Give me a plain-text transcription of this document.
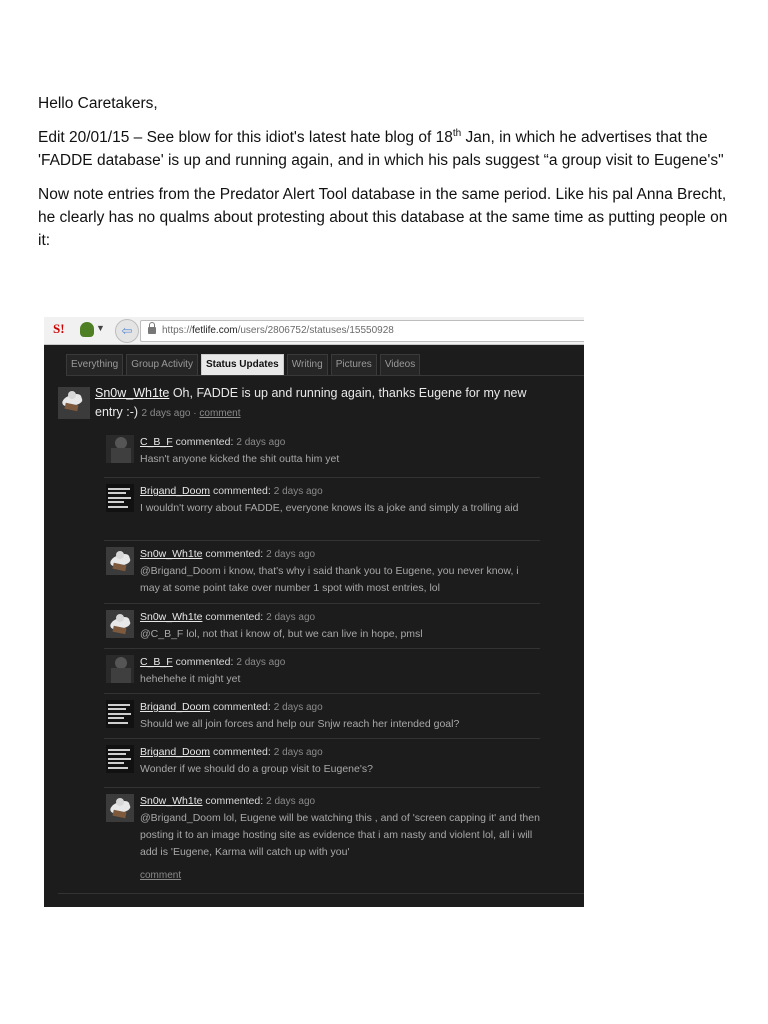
Hello Caretakers,

Edit 20/01/15 – See blow for this idiot's latest hate blog of 18th Jan, in which he advertises that the 'FADDE database' is up and running again, and in which his pals suggest “a group visit to Eugene's"

Now note entries from the Predator Alert Tool database in the same period. Like his pal Anna Brecht, he clearly has no qualms about protesting about this database at the same time as putting people on it:

S!	▼	⇦	https://fetlife.com/users/2806752/statuses/15550928
Everything	Group Activity	Status Updates	Writing	Pictures	Videos
Sn0w_Wh1te Oh, FADDE is up and running again, thanks Eugene for my new entry :-) 2 days ago · comment
C_B_F commented: 2 days ago
Hasn't anyone kicked the shit outta him yet
Brigand_Doom commented: 2 days ago
I wouldn't worry about FADDE, everyone knows its a joke and simply a trolling aid
Sn0w_Wh1te commented: 2 days ago
@Brigand_Doom i know, that's why i said thank you to Eugene, you never know, i may at some point take over number 1 spot with most entries, lol
Sn0w_Wh1te commented: 2 days ago
@C_B_F lol, not that i know of, but we can live in hope, pmsl
C_B_F commented: 2 days ago
hehehehe it might yet
Brigand_Doom commented: 2 days ago
Should we all join forces and help our Snjw reach her intended goal?
Brigand_Doom commented: 2 days ago
Wonder if we should do a group visit to Eugene's?
Sn0w_Wh1te commented: 2 days ago
@Brigand_Doom lol, Eugene will be watching this , and of 'screen capping it' and then posting it to an image hosting site as evidence that i am nasty and violent lol, all i will add is 'Eugene, Karma will catch up with you'
comment
